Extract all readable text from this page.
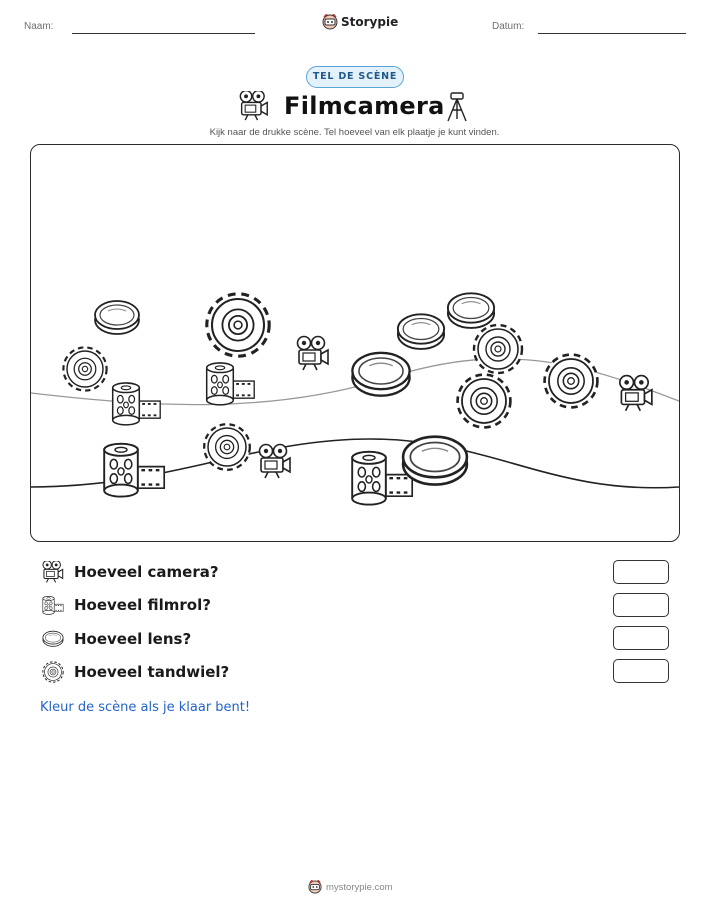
Naam:	Storypie	Datum:
TEL DE SCÈNE
Filmcamera
Kijk naar de drukke scène. Tel hoeveel van elk plaatje je kunt vinden.
Hoeveel camera?
Hoeveel filmrol?
Hoeveel lens?
Hoeveel tandwiel?
Kleur de scène als je klaar bent!
mystorypie.com
